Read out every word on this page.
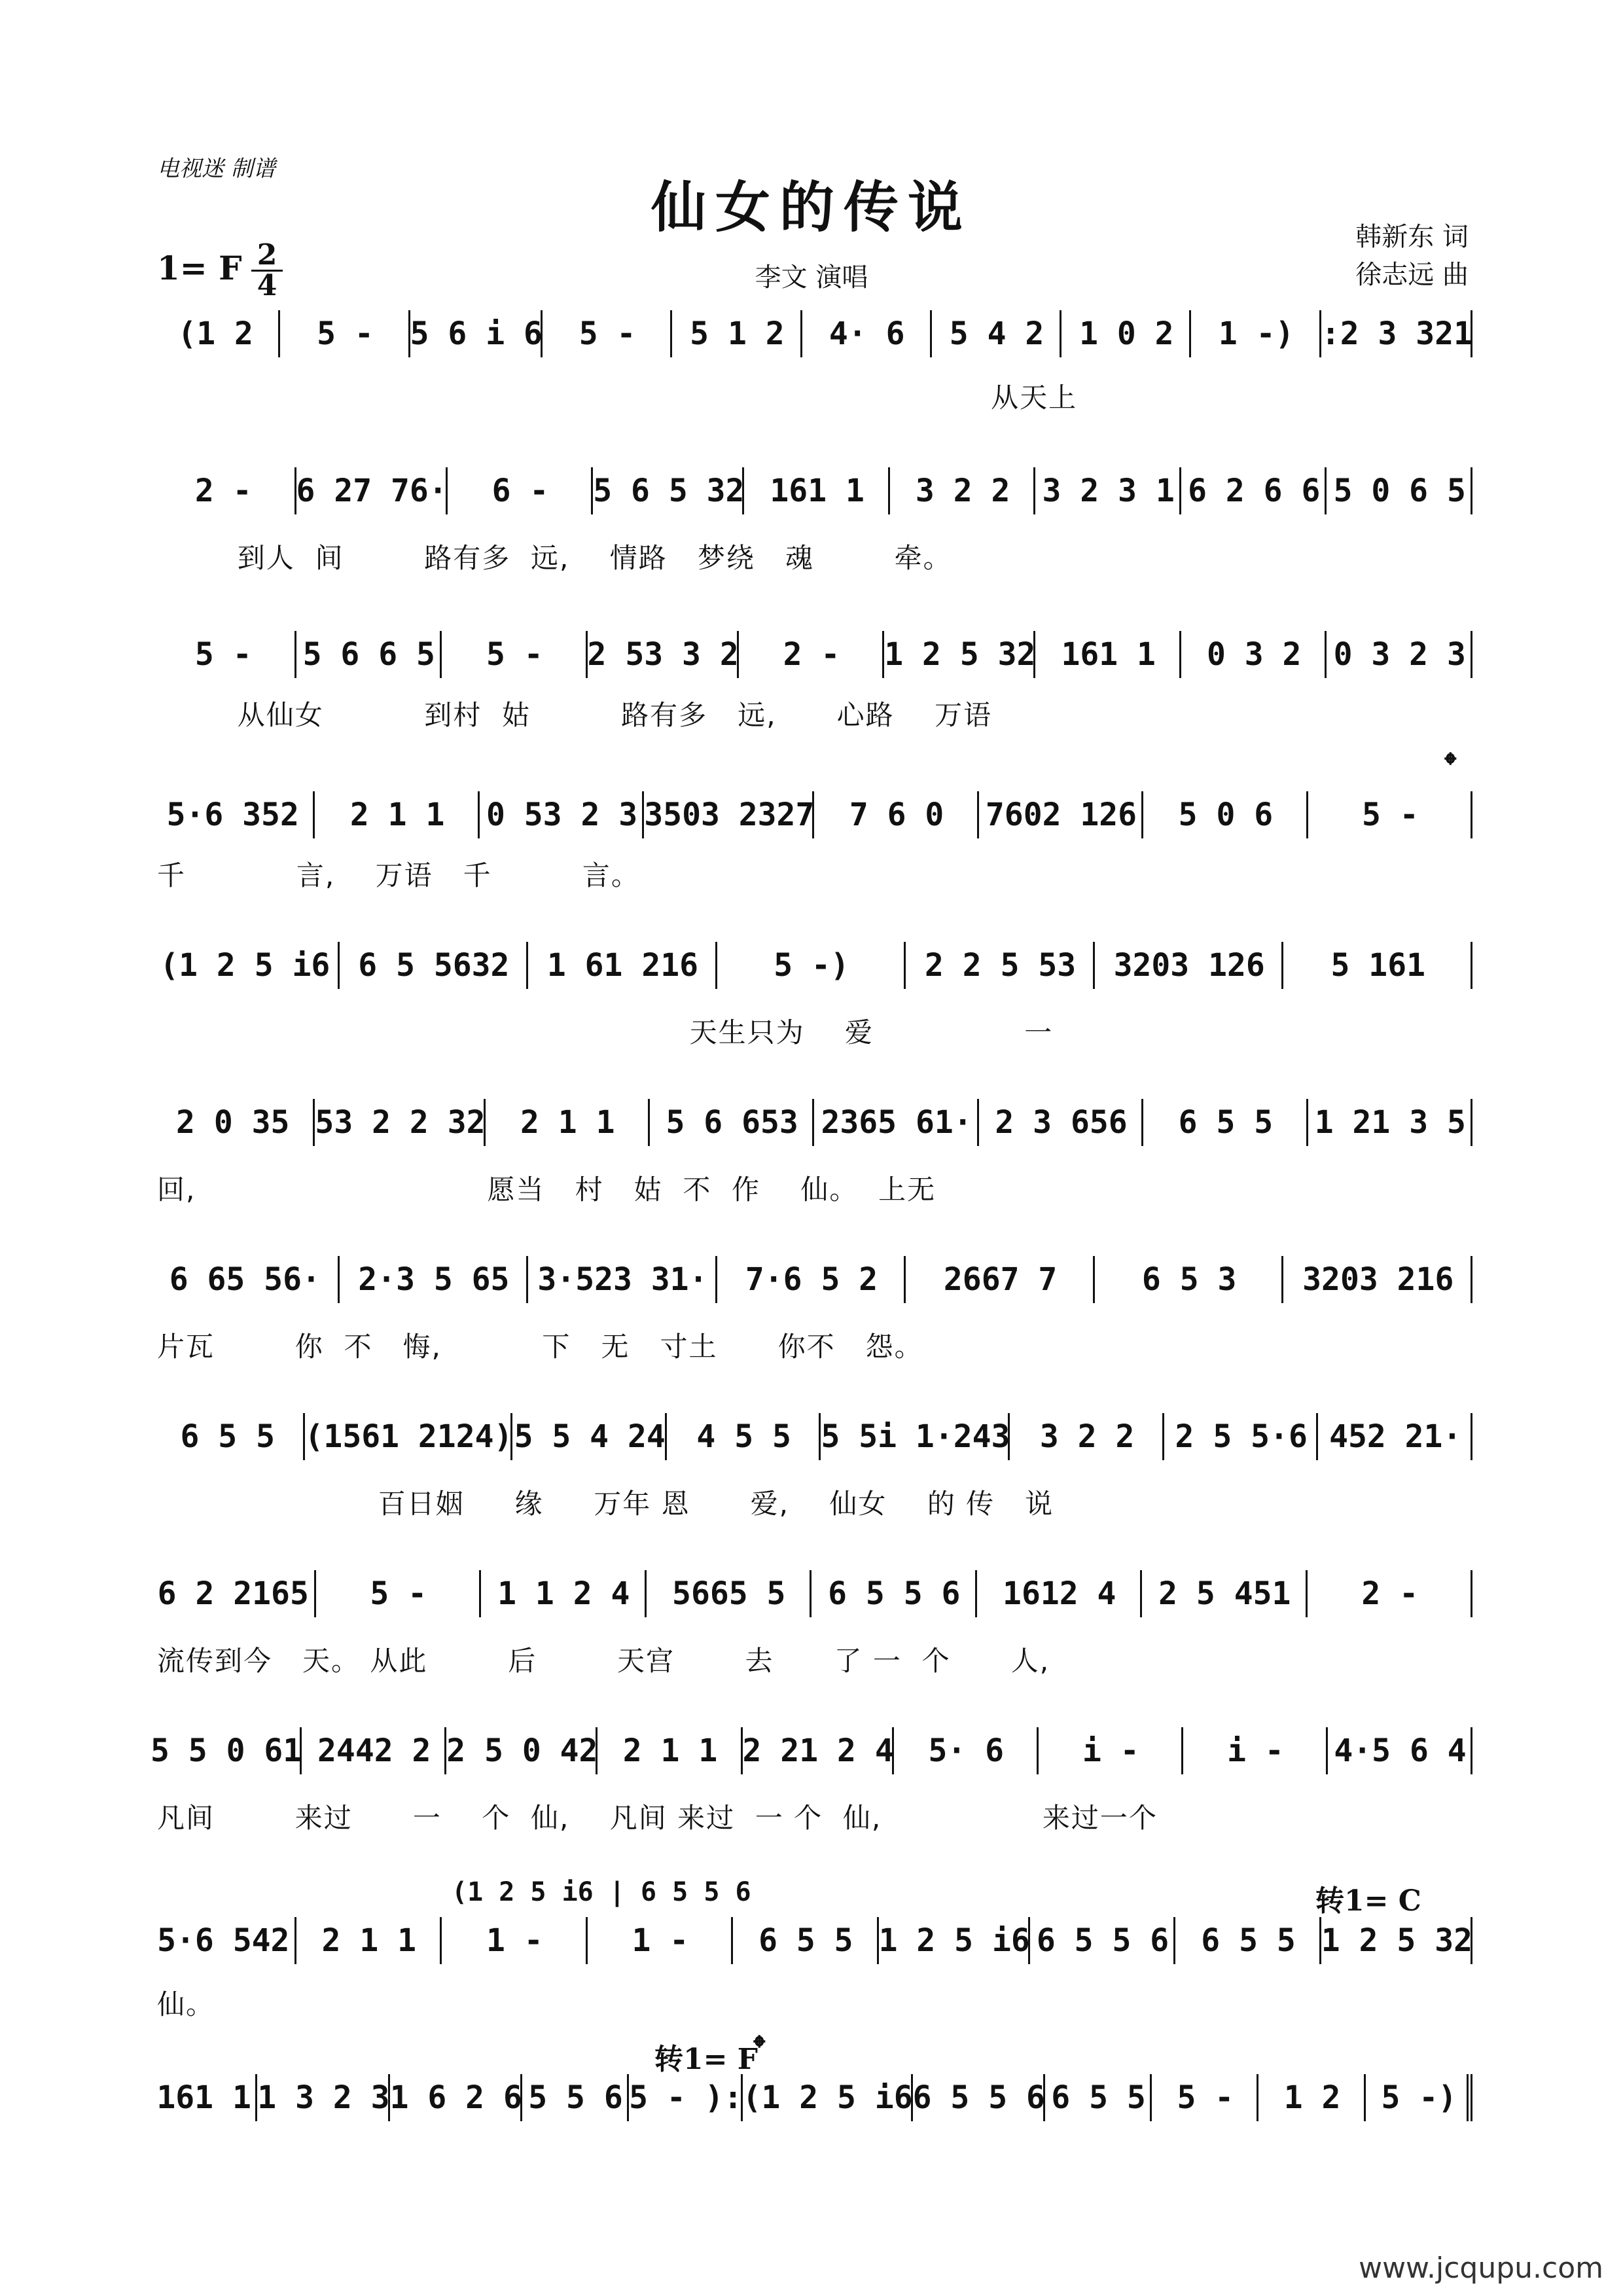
电视迷 制谱
仙女的传说
1= F 2
4	李文 演唱
韩新东 词
徐志远 曲
(1 2	5 -	5 6 i 6	5 -	5 1 2	4· 6	5 4 2	1 0 2	1 -) :2 3 321
从天上
2 -	6 27 76·	6 -	5 6 5 32 161 1	3 2 2	3 2 3 1 6 2 6 6 5 0 6 5
到人  间        路有多  远,    情路   梦绕   魂        牵。
5 -	5 6 6 5	5 -	2 53 3 2	2 -	1 2 5 32 161 1	0 3 2	0 3 2 3
从仙女          到村  姑         路有多   远,      心路    万语
5·6 352	2 1 1	0 53 2 3 3503 2327	7 6 0	7602 126	5 0 6	5 -
千           言,    万语   千         言。
(1 2 5 i6 6 5 5632	1 61 216	5 -)	2 2 5 53	3203 126	5 161
天生只为    爱               一
2 0 35 53 2 2 32	2 1 1	5 6 653 2365 61· 2 3 656	6 5 5	1 21 3 5
回,                             愿当   村   姑  不  作    仙。  上无
6 65 56·	2·3 5 65 3·523 31·	7·6 5 2	2667 7	6 5 3	3203 216
片瓦        你  不   悔,          下   无   寸土      你不   怨。
6 5 5 (1561 2124) 5 5 4 24 4 5 5 5 5i 1·243 3 2 2	2 5 5·6 452 21·
百日姻     缘     万年 恩      爱,    仙女    的 传   说
6 2 2165	5 -	1 1 2 4	5665 5	6 5 5 6	1612 4	2 5 451	2 -
流传到今   天。 从此        后        天宫       去      了 一  个      人,
5 5 0 61 2442 2 2 5 0 42 2 1 1 2 21 2 4	5· 6	i -	i -	4·5 6 4
凡间        来过      一    个  仙,    凡间 来过  一 个  仙,                来过一个
5·6 542	2 1 1	1 -	1 -	6 5 5 1 2 5 i6 6 5 5 6	6 5 5 1 2 5 32
仙。
161 1 1 3 2 3 1 6 2 6 5 5 6 5 - ): (1 2 5 i6 6 5 5 6 6 5 5 5 -	1 2	5 -)
转1= C
转1= F
𝄌
𝄌
(1 2 5 i6 | 6 5 5 6
www.jcqupu.com
